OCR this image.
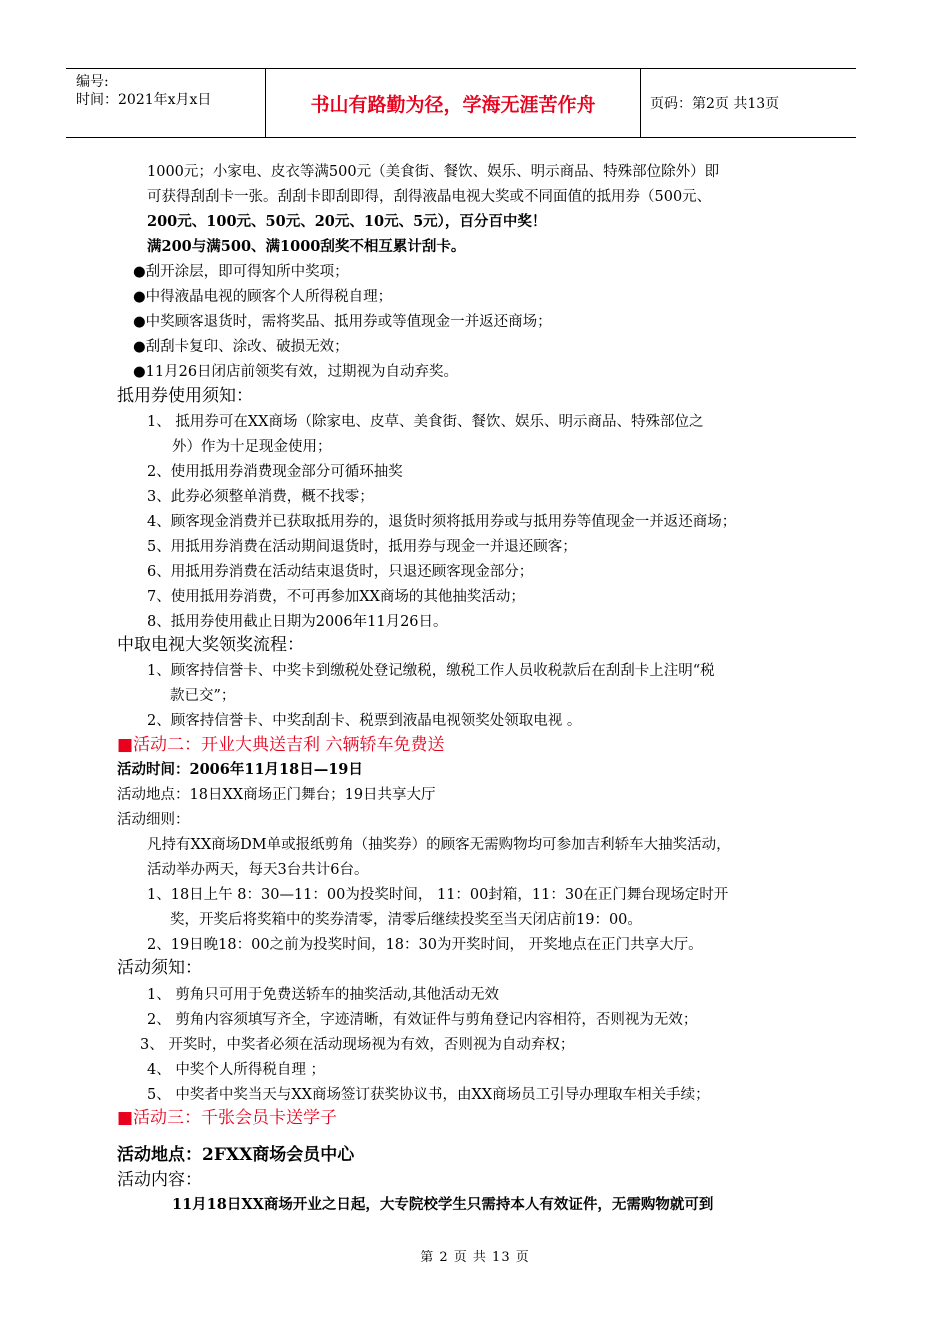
编号:
时间：2021年x月x日	书山有路勤为径，学海无涯苦作舟	页码：第2页 共13页
1000元；小家电、皮衣等满500元（美食街、餐饮、娱乐、明示商品、特殊部位除外）即
可获得刮刮卡一张。刮刮卡即刮即得，刮得液晶电视大奖或不同面值的抵用券（500元、
200元、100元、50元、20元、10元、5元），百分百中奖！
满200与满500、满1000刮奖不相互累计刮卡。
●刮开涂层，即可得知所中奖项；
●中得液晶电视的顾客个人所得税自理；
●中奖顾客退货时，需将奖品、抵用券或等值现金一并返还商场；
●刮刮卡复印、涂改、破损无效；
●11月26日闭店前领奖有效，过期视为自动弃奖。
抵用券使用须知：
1、 抵用券可在XX商场（除家电、皮草、美食街、餐饮、娱乐、明示商品、特殊部位之
外）作为十足现金使用；
2、使用抵用券消费现金部分可循环抽奖
3、此券必须整单消费，概不找零；
4、顾客现金消费并已获取抵用券的，退货时须将抵用券或与抵用券等值现金一并返还商场；
5、用抵用券消费在活动期间退货时，抵用券与现金一并退还顾客；
6、用抵用券消费在活动结束退货时，只退还顾客现金部分；
7、使用抵用券消费，不可再参加XX商场的其他抽奖活动；
8、抵用券使用截止日期为2006年11月26日。
中取电视大奖领奖流程：
1、顾客持信誉卡、中奖卡到缴税处登记缴税，缴税工作人员收税款后在刮刮卡上注明“税
款已交”；
2、顾客持信誉卡、中奖刮刮卡、税票到液晶电视领奖处领取电视 。
■活动二：开业大典送吉利 六辆轿车免费送
活动时间：2006年11月18日—19日
活动地点：18日XX商场正门舞台；19日共享大厅
活动细则：
凡持有XX商场DM单或报纸剪角（抽奖券）的顾客无需购物均可参加吉利轿车大抽奖活动，
活动举办两天，每天3台共计6台。
1、18日上午 8：30—11：00为投奖时间， 11：00封箱，11：30在正门舞台现场定时开
奖，开奖后将奖箱中的奖券清零，清零后继续投奖至当天闭店前19：00。
2、19日晚18：00之前为投奖时间，18：30为开奖时间， 开奖地点在正门共享大厅。
活动须知：
1、 剪角只可用于免费送轿车的抽奖活动,其他活动无效
2、 剪角内容须填写齐全，字迹清晰，有效证件与剪角登记内容相符，否则视为无效；
3、 开奖时，中奖者必须在活动现场视为有效，否则视为自动弃权；
4、 中奖个人所得税自理 ；
5、 中奖者中奖当天与XX商场签订获奖协议书，由XX商场员工引导办理取车相关手续；
■活动三：千张会员卡送学子
活动地点：2FXX商场会员中心
活动内容：
11月18日XX商场开业之日起，大专院校学生只需持本人有效证件，无需购物就可到
第 2 页 共 13 页
